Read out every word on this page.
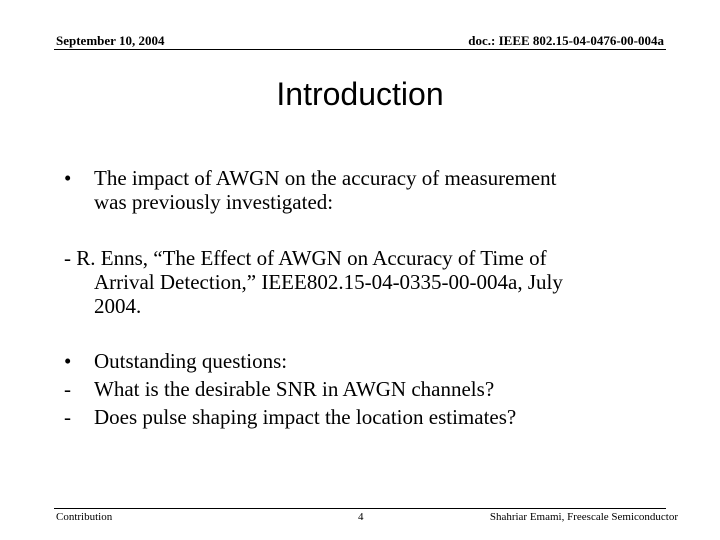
September 10, 2004	doc.: IEEE 802.15-04-0476-00-004a
Introduction
•	The impact of AWGN on the accuracy of measurement
was previously investigated:
- R. Enns, “The Effect of AWGN on Accuracy of Time of
Arrival Detection,” IEEE802.15-04-0335-00-004a, July
2004.
•	Outstanding questions:
-	What is the desirable SNR in AWGN channels?
-	Does pulse shaping impact the location estimates?
Contribution	4	Shahriar Emami, Freescale Semiconductor
